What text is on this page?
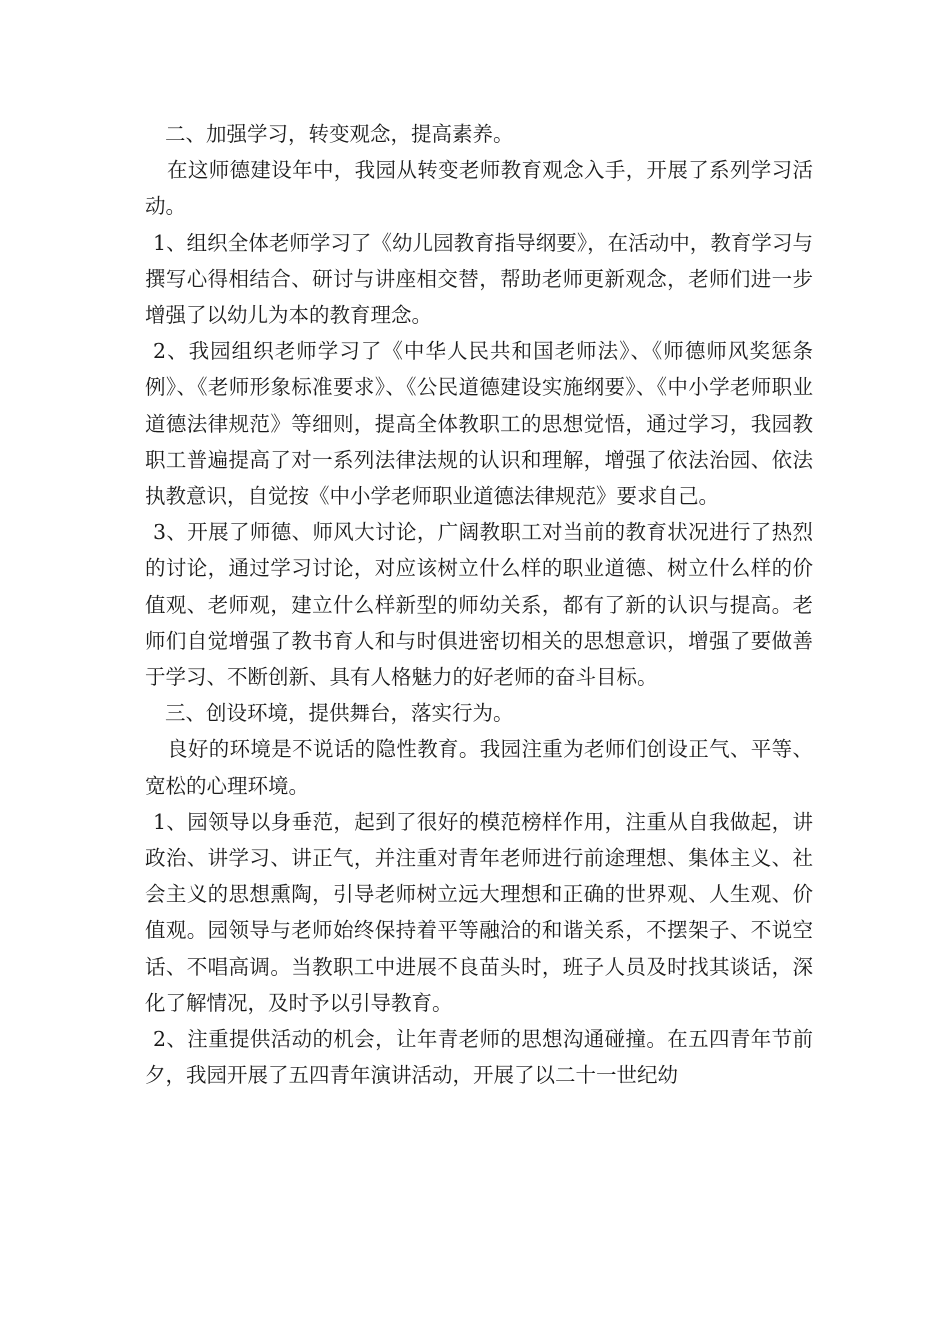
二、加强学习，转变观念，提高素养。

在这师德建设年中，我园从转变老师教育观念入手，开展了系列学习活动。

1、组织全体老师学习了《幼儿园教育指导纲要》，在活动中，教育学习与撰写心得相结合、研讨与讲座相交替，帮助老师更新观念，老师们进一步增强了以幼儿为本的教育理念。

2、我园组织老师学习了《中华人民共和国老师法》、《师德师风奖惩条例》、《老师形象标准要求》、《公民道德建设实施纲要》、《中小学老师职业道德法律规范》等细则，提高全体教职工的思想觉悟，通过学习，我园教职工普遍提高了对一系列法律法规的认识和理解，增强了依法治园、依法执教意识，自觉按《中小学老师职业道德法律规范》要求自己。

3、开展了师德、师风大讨论，广阔教职工对当前的教育状况进行了热烈的讨论，通过学习讨论，对应该树立什么样的职业道德、树立什么样的价值观、老师观，建立什么样新型的师幼关系，都有了新的认识与提高。老师们自觉增强了教书育人和与时俱进密切相关的思想意识，增强了要做善于学习、不断创新、具有人格魅力的好老师的奋斗目标。

三、创设环境，提供舞台，落实行为。

良好的环境是不说话的隐性教育。我园注重为老师们创设正气、平等、宽松的心理环境。

1、园领导以身垂范，起到了很好的模范榜样作用，注重从自我做起，讲政治、讲学习、讲正气，并注重对青年老师进行前途理想、集体主义、社会主义的思想熏陶，引导老师树立远大理想和正确的世界观、人生观、价值观。园领导与老师始终保持着平等融洽的和谐关系，不摆架子、不说空话、不唱高调。当教职工中进展不良苗头时，班子人员及时找其谈话，深化了解情况，及时予以引导教育。

2、注重提供活动的机会，让年青老师的思想沟通碰撞。在五四青年节前夕，我园开展了五四青年演讲活动，开展了以二十一世纪幼
